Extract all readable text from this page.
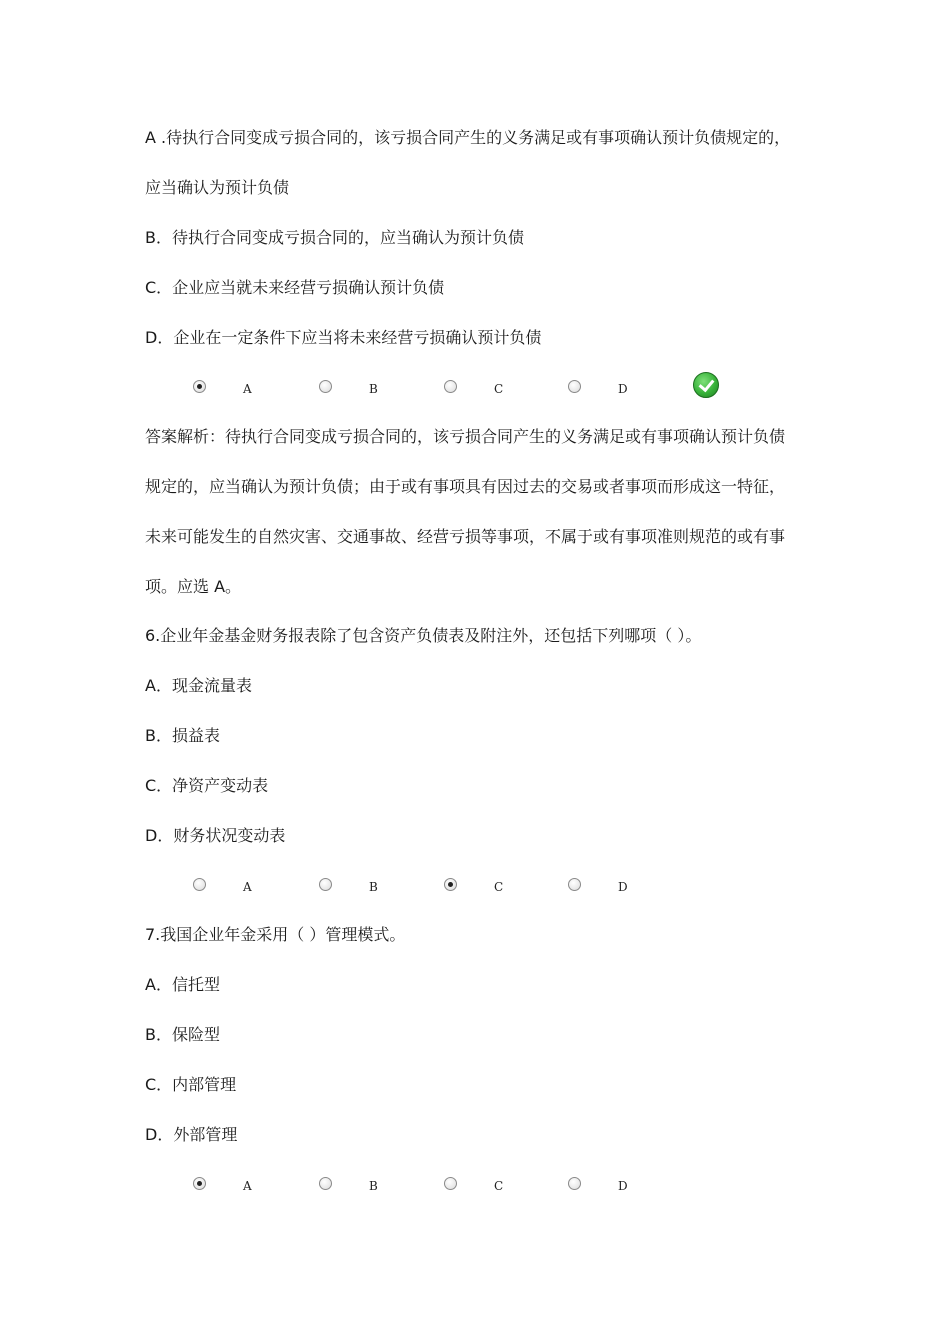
A .待执行合同变成亏损合同的，该亏损合同产生的义务满足或有事项确认预计负债规定的，
应当确认为预计负债
B．待执行合同变成亏损合同的，应当确认为预计负债
C．企业应当就未来经营亏损确认预计负债
D．企业在一定条件下应当将未来经营亏损确认预计负债
A	B	C	D
答案解析：待执行合同变成亏损合同的，该亏损合同产生的义务满足或有事项确认预计负债
规定的，应当确认为预计负债；由于或有事项具有因过去的交易或者事项而形成这一特征，
未来可能发生的自然灾害、交通事故、经营亏损等事项，不属于或有事项准则规范的或有事
项。应选 A。
6.企业年金基金财务报表除了包含资产负债表及附注外，还包括下列哪项（ ）。
A．现金流量表
B．损益表
C．净资产变动表
D．财务状况变动表
A	B	C	D
7.我国企业年金采用（ ）管理模式。
A．信托型
B．保险型
C．内部管理
D．外部管理
A	B	C	D
